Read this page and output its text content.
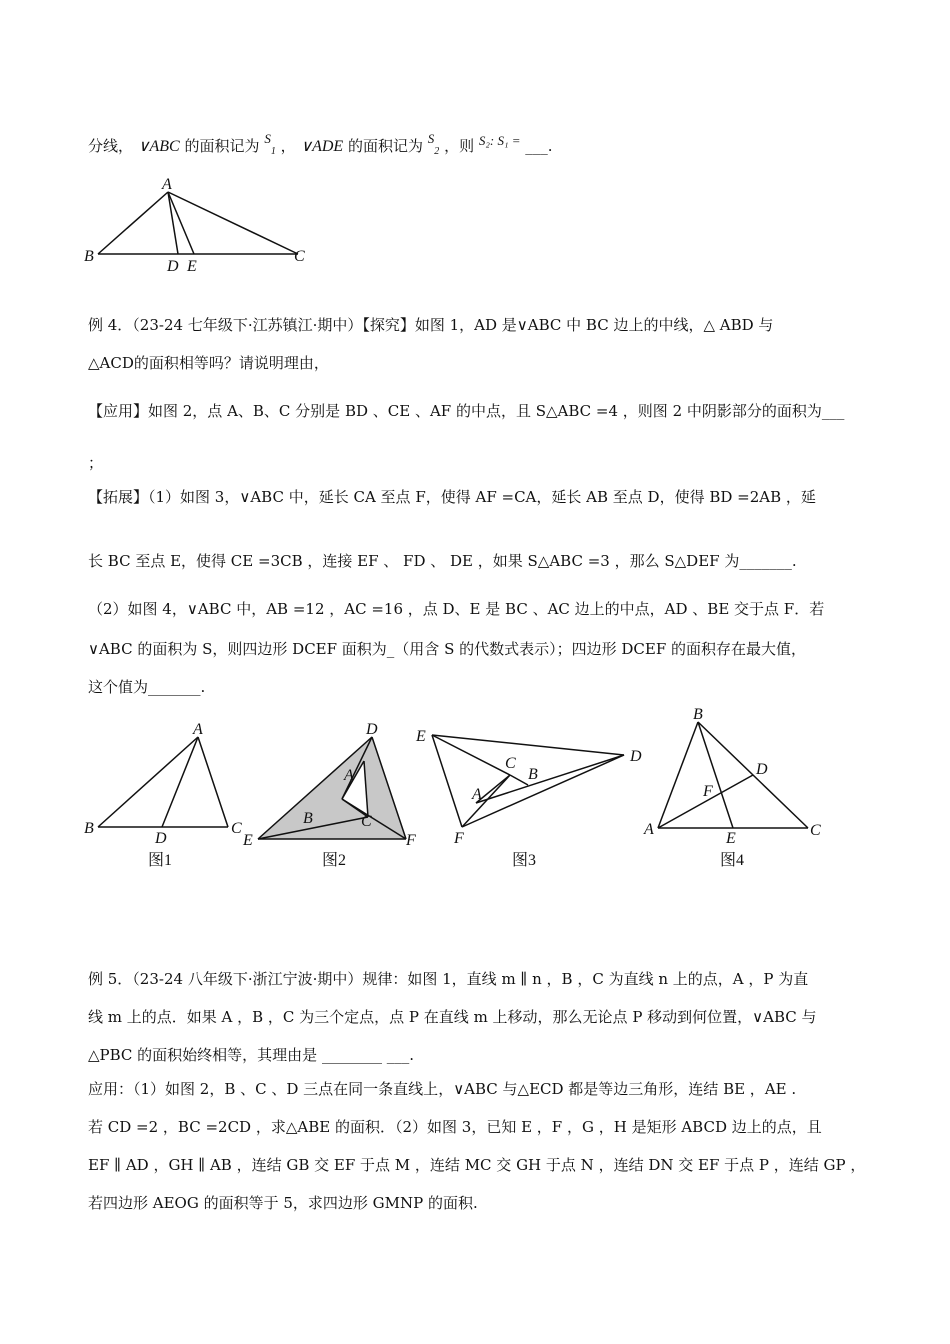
分线， ∨ABC 的面积记为 $S_1$ ， ∨ADE 的面积记为 $S_2$ ，则 S₂: S₁ = ___.
A
B	C
D E
例 4．（23-24 七年级下·江苏镇江·期中）【探究】如图 1，AD 是∨ABC 中 BC 边上的中线，△ ABD 与
△ACD的面积相等吗？请说明理由，
【应用】如图 2，点 A、B、C 分别是 BD 、CE 、AF 的中点，且 S△ABC =4 ，则图 2 中阴影部分的面积为___
；
【拓展】（1）如图 3，∨ABC 中，延长 CA 至点 F，使得 AF =CA，延长 AB 至点 D，使得 BD =2AB ，延
长 BC 至点 E，使得 CE =3CB ，连接 EF 、 FD 、 DE ，如果 S△ABC =3 ，那么 S△DEF 为_______.
（2）如图 4，∨ABC 中，AB =12 ，AC =16 ，点 D、E 是 BC 、AC 边上的中点，AD 、BE 交于点 F．若
∨ABC 的面积为 S，则四边形 DCEF 面积为_（用含 S 的代数式表示）；四边形 DCEF 的面积存在最大值，
这个值为_______.
A
B	C
D
图1
D
A
B	C
E	F
图2
E
D
C
B
A
F
图3
B
D
F
A	C
E
图4
例 5．（23-24 八年级下·浙江宁波·期中）规律：如图 1，直线 m ∥ n ，B ，C 为直线 n 上的点，A ，P 为直
线 m 上的点．如果 A ，B ，C 为三个定点，点 P 在直线 m 上移动，那么无论点 P 移动到何位置，∨ABC 与
△PBC 的面积始终相等，其理由是 ________ ___.
应用：（1）如图 2，B 、C 、D 三点在同一条直线上，∨ABC 与△ECD 都是等边三角形，连结 BE ，AE .
若 CD =2 ，BC =2CD ，求△ABE 的面积．（2）如图 3，已知 E ，F ，G ，H 是矩形 ABCD 边上的点，且
EF ∥ AD ，GH ∥ AB ，连结 GB 交 EF 于点 M ，连结 MC 交 GH 于点 N ，连结 DN 交 EF 于点 P ，连结 GP ，
若四边形 AEOG 的面积等于 5，求四边形 GMNP 的面积.
